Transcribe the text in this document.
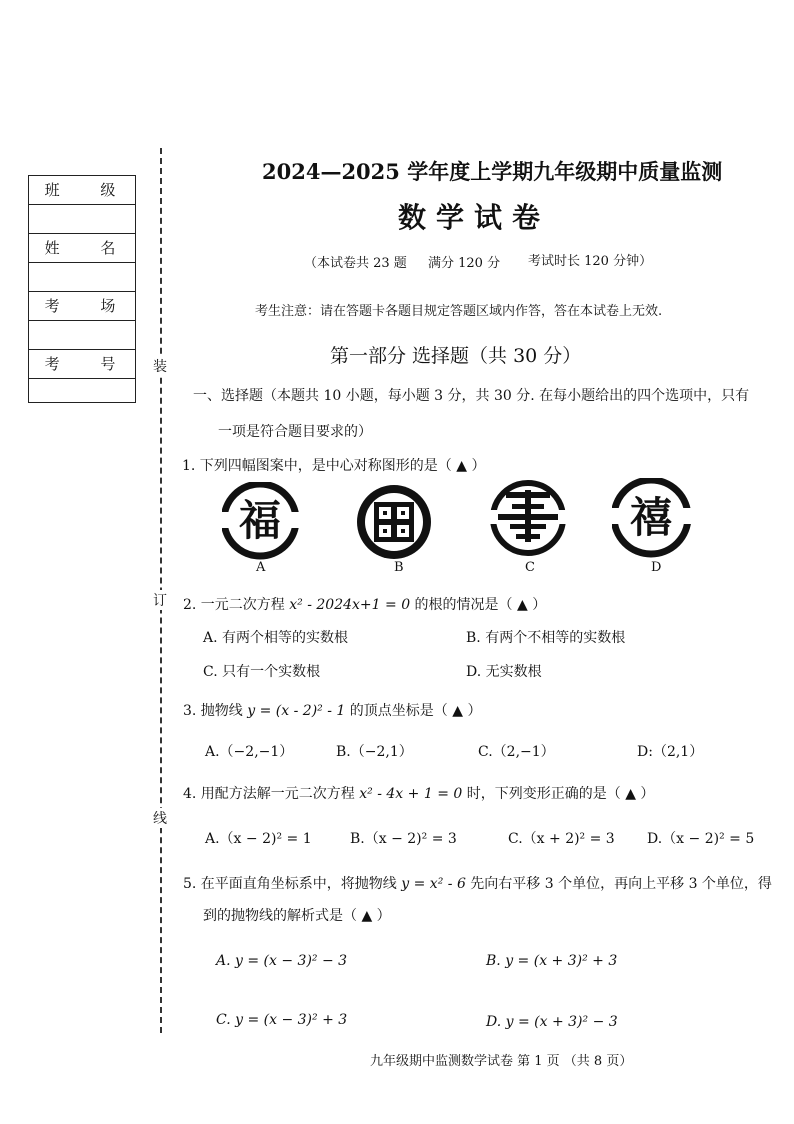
班 级
姓 名
考 场
考 号 装
订
线
2024—2025 学年度上学期九年级期中质量监测
数学试卷
（本试卷共 23 题 满分 120 分 考试时长 120 分钟）
考生注意：请在答题卡各题目规定答题区域内作答，答在本试卷上无效.
第一部分 选择题（共 30 分）
一、选择题（本题共 10 小题，每小题 3 分，共 30 分. 在每小题给出的四个选项中，只有
一项是符合题目要求的）
1. 下列四幅图案中，是中心对称图形的是（ ▲ ）
福	禧
A	B	C	D
2. 一元二次方程 x² - 2024x+1 = 0 的根的情况是（ ▲ ）
A. 有两个相等的实数根	B. 有两个不相等的实数根
C. 只有一个实数根	D. 无实数根
3. 抛物线 y = (x - 2)² - 1 的顶点坐标是（ ▲ ）
A.（−2,−1）	B.（−2,1）	C.（2,−1）	D:（2,1）
4. 用配方法解一元二次方程 x² - 4x + 1 = 0 时，下列变形正确的是（ ▲ ）
A.（x − 2)² = 1	B.（x − 2)² = 3	C.（x + 2)² = 3 D.（x − 2)² = 5
5. 在平面直角坐标系中，将抛物线 y = x² - 6 先向右平移 3 个单位，再向上平移 3 个单位，得
到的抛物线的解析式是（ ▲ ）
A. y = (x − 3)² − 3	B. y = (x + 3)² + 3
C. y = (x − 3)² + 3	D. y = (x + 3)² − 3
九年级期中监测数学试卷 第 1 页 （共 8 页）
